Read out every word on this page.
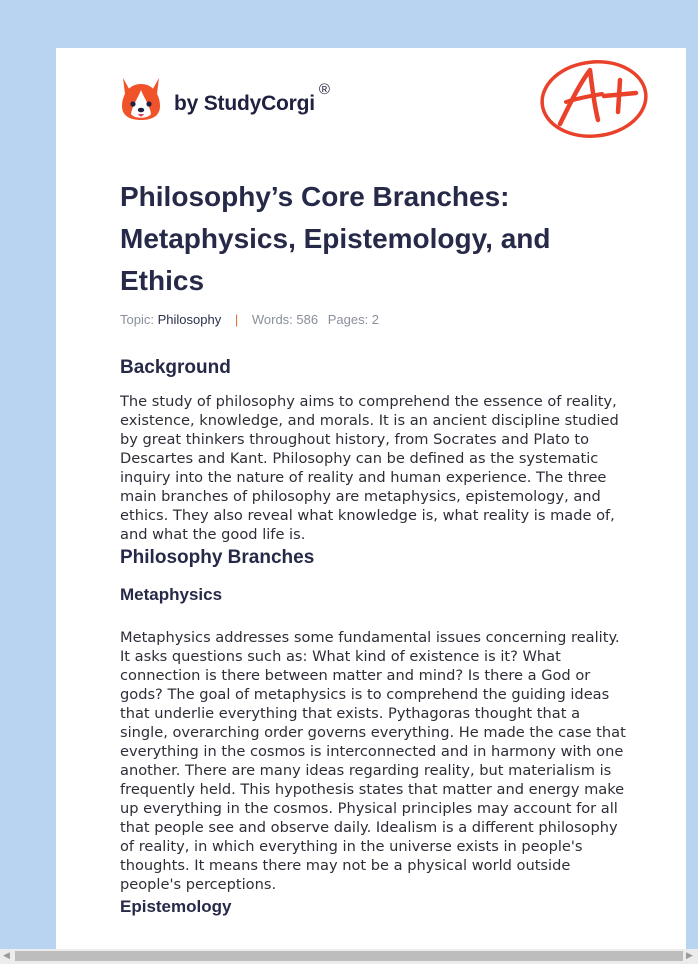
by StudyCorgi
®
Philosophy’s Core Branches: Metaphysics, Epistemology, and Ethics
Topic: Philosophy | Words: 586 Pages: 2
Background

The study of philosophy aims to comprehend the essence of reality, existence, knowledge, and morals. It is an ancient discipline studied by great thinkers throughout history, from Socrates and Plato to Descartes and Kant. Philosophy can be defined as the systematic inquiry into the nature of reality and human experience. The three main branches of philosophy are metaphysics, epistemology, and ethics. They also reveal what knowledge is, what reality is made of, and what the good life is.

Philosophy Branches
Metaphysics

Metaphysics addresses some fundamental issues concerning reality. It asks questions such as: What kind of existence is it? What connection is there between matter and mind? Is there a God or gods? The goal of metaphysics is to comprehend the guiding ideas that underlie everything that exists. Pythagoras thought that a single, overarching order governs everything. He made the case that everything in the cosmos is interconnected and in harmony with one another. There are many ideas regarding reality, but materialism is frequently held. This hypothesis states that matter and energy make up everything in the cosmos. Physical principles may account for all that people see and observe daily. Idealism is a different philosophy of reality, in which everything in the universe exists in people's thoughts. It means there may not be a physical world outside people's perceptions.

Epistemology
◀	▶
